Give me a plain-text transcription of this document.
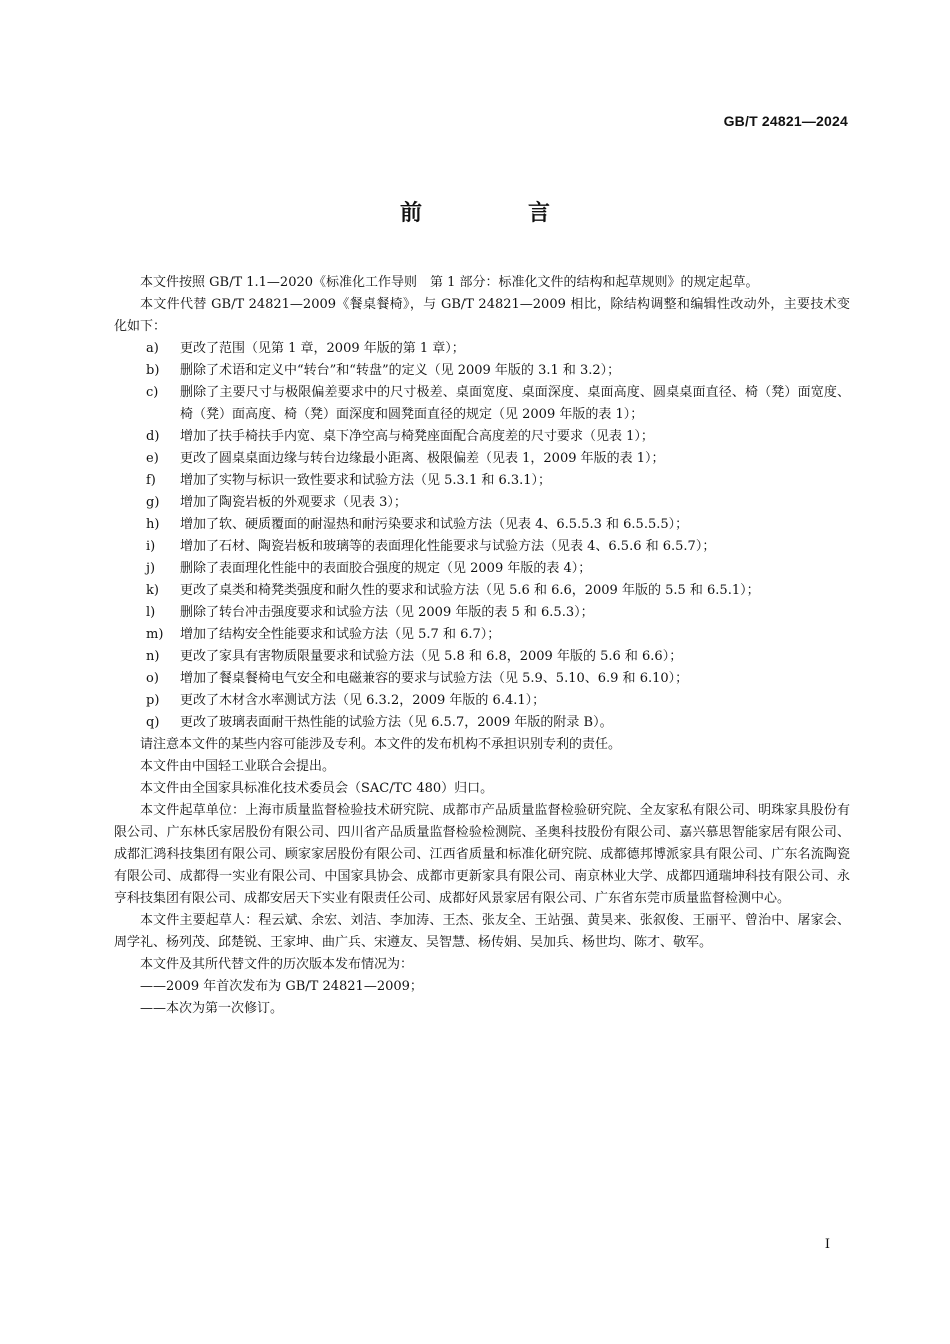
GB/T 24821—2024
前　言

本文件按照 GB/T 1.1—2020《标准化工作导则　第 1 部分：标准化文件的结构和起草规则》的规定起草。

本文件代替 GB/T 24821—2009《餐桌餐椅》，与 GB/T 24821—2009 相比，除结构调整和编辑性改动外，主要技术变化如下：

a)	更改了范围（见第 1 章，2009 年版的第 1 章）；
b)	删除了术语和定义中“转台”和“转盘”的定义（见 2009 年版的 3.1 和 3.2）；
c)	删除了主要尺寸与极限偏差要求中的尺寸极差、桌面宽度、桌面深度、桌面高度、圆桌桌面直径、椅（凳）面宽度、椅（凳）面高度、椅（凳）面深度和圆凳面直径的规定（见 2009 年版的表 1）；
d)	增加了扶手椅扶手内宽、桌下净空高与椅凳座面配合高度差的尺寸要求（见表 1）；
e)	更改了圆桌桌面边缘与转台边缘最小距离、极限偏差（见表 1，2009 年版的表 1）；
f)	增加了实物与标识一致性要求和试验方法（见 5.3.1 和 6.3.1）；
g)	增加了陶瓷岩板的外观要求（见表 3）；
h)	增加了软、硬质覆面的耐湿热和耐污染要求和试验方法（见表 4、6.5.5.3 和 6.5.5.5）；
i)	增加了石材、陶瓷岩板和玻璃等的表面理化性能要求与试验方法（见表 4、6.5.6 和 6.5.7）；
j)	删除了表面理化性能中的表面胶合强度的规定（见 2009 年版的表 4）；
k)	更改了桌类和椅凳类强度和耐久性的要求和试验方法（见 5.6 和 6.6，2009 年版的 5.5 和 6.5.1）；
l)	删除了转台冲击强度要求和试验方法（见 2009 年版的表 5 和 6.5.3）；
m)	增加了结构安全性能要求和试验方法（见 5.7 和 6.7）；
n)	更改了家具有害物质限量要求和试验方法（见 5.8 和 6.8，2009 年版的 5.6 和 6.6）；
o)	增加了餐桌餐椅电气安全和电磁兼容的要求与试验方法（见 5.9、5.10、6.9 和 6.10）；
p)	更改了木材含水率测试方法（见 6.3.2，2009 年版的 6.4.1）；
q)	更改了玻璃表面耐干热性能的试验方法（见 6.5.7，2009 年版的附录 B）。

请注意本文件的某些内容可能涉及专利。本文件的发布机构不承担识别专利的责任。

本文件由中国轻工业联合会提出。

本文件由全国家具标准化技术委员会（SAC/TC 480）归口。

本文件起草单位：上海市质量监督检验技术研究院、成都市产品质量监督检验研究院、全友家私有限公司、明珠家具股份有限公司、广东林氏家居股份有限公司、四川省产品质量监督检验检测院、圣奥科技股份有限公司、嘉兴慕思智能家居有限公司、成都汇鸿科技集团有限公司、顾家家居股份有限公司、江西省质量和标准化研究院、成都德邦博派家具有限公司、广东名流陶瓷有限公司、成都得一实业有限公司、中国家具协会、成都市更新家具有限公司、南京林业大学、成都四通瑞坤科技有限公司、永亨科技集团有限公司、成都安居天下实业有限责任公司、成都好风景家居有限公司、广东省东莞市质量监督检测中心。

本文件主要起草人：程云斌、余宏、刘洁、李加涛、王杰、张友全、王站强、黄昊来、张叙俊、王丽平、曾治中、屠家会、周学礼、杨列茂、邱楚锐、王家坤、曲广兵、宋遵友、吴智慧、杨传娟、吴加兵、杨世均、陈才、敬军。

本文件及其所代替文件的历次版本发布情况为：

——2009 年首次发布为 GB/T 24821—2009；

——本次为第一次修订。

I
